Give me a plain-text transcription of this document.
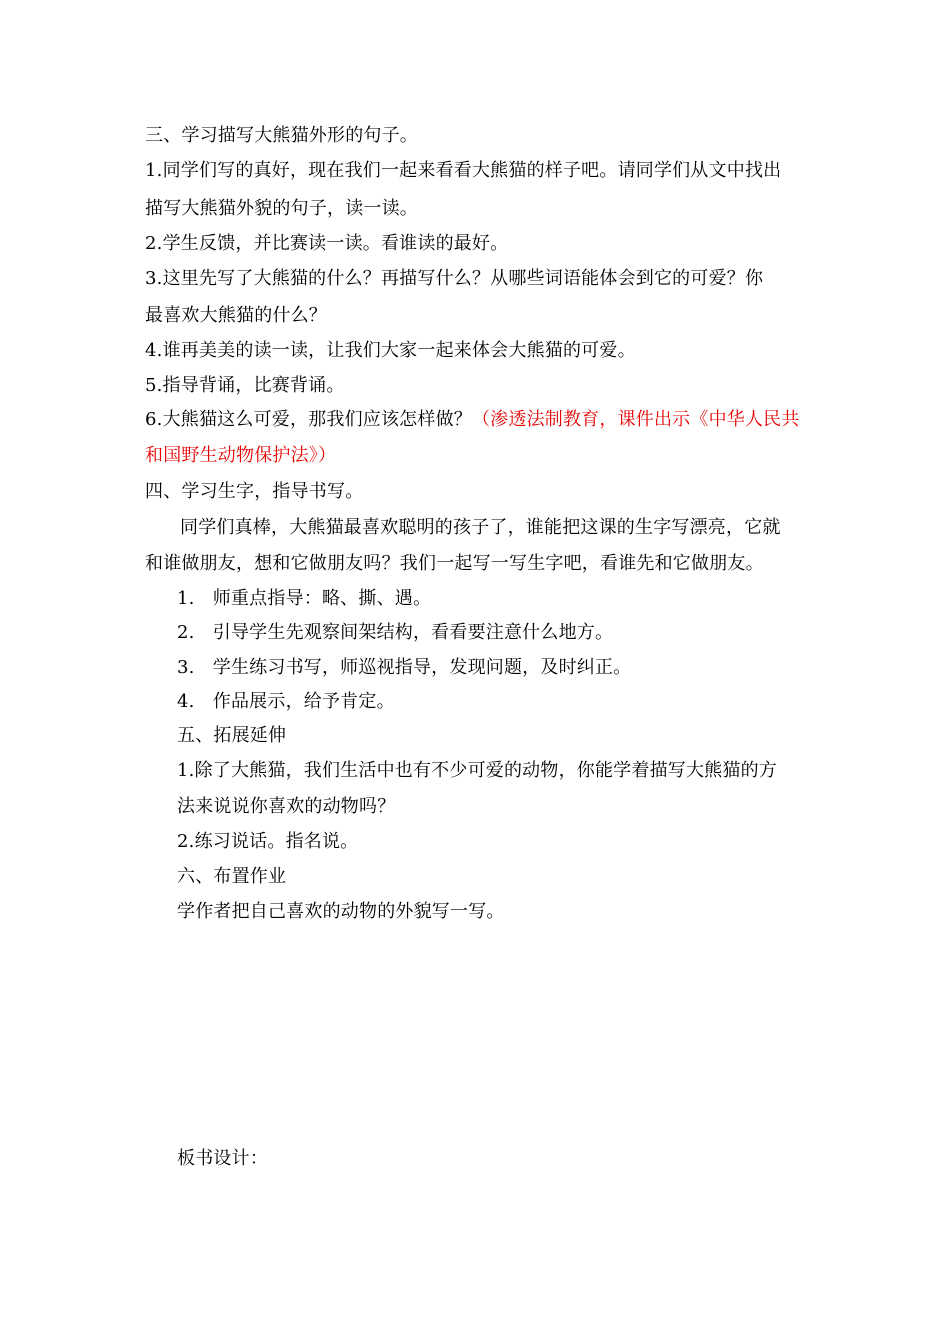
三、学习描写大熊猫外形的句子。
1.同学们写的真好，现在我们一起来看看大熊猫的样子吧。请同学们从文中找出
描写大熊猫外貌的句子，读一读。
2.学生反馈，并比赛读一读。看谁读的最好。
3.这里先写了大熊猫的什么？再描写什么？从哪些词语能体会到它的可爱？你
最喜欢大熊猫的什么？
4.谁再美美的读一读，让我们大家一起来体会大熊猫的可爱。
5.指导背诵，比赛背诵。
6.大熊猫这么可爱，那我们应该怎样做？（渗透法制教育，课件出示《中华人民共
和国野生动物保护法》）
四、学习生字，指导书写。
同学们真棒，大熊猫最喜欢聪明的孩子了，谁能把这课的生字写漂亮，它就
和谁做朋友，想和它做朋友吗？我们一起写一写生字吧，看谁先和它做朋友。
1.　师重点指导：略、撕、遇。
2.　引导学生先观察间架结构，看看要注意什么地方。
3.　学生练习书写，师巡视指导，发现问题，及时纠正。
4.　作品展示，给予肯定。
五、拓展延伸
1.除了大熊猫，我们生活中也有不少可爱的动物，你能学着描写大熊猫的方
法来说说你喜欢的动物吗？
2.练习说话。指名说。
六、布置作业
学作者把自己喜欢的动物的外貌写一写。
板书设计：
